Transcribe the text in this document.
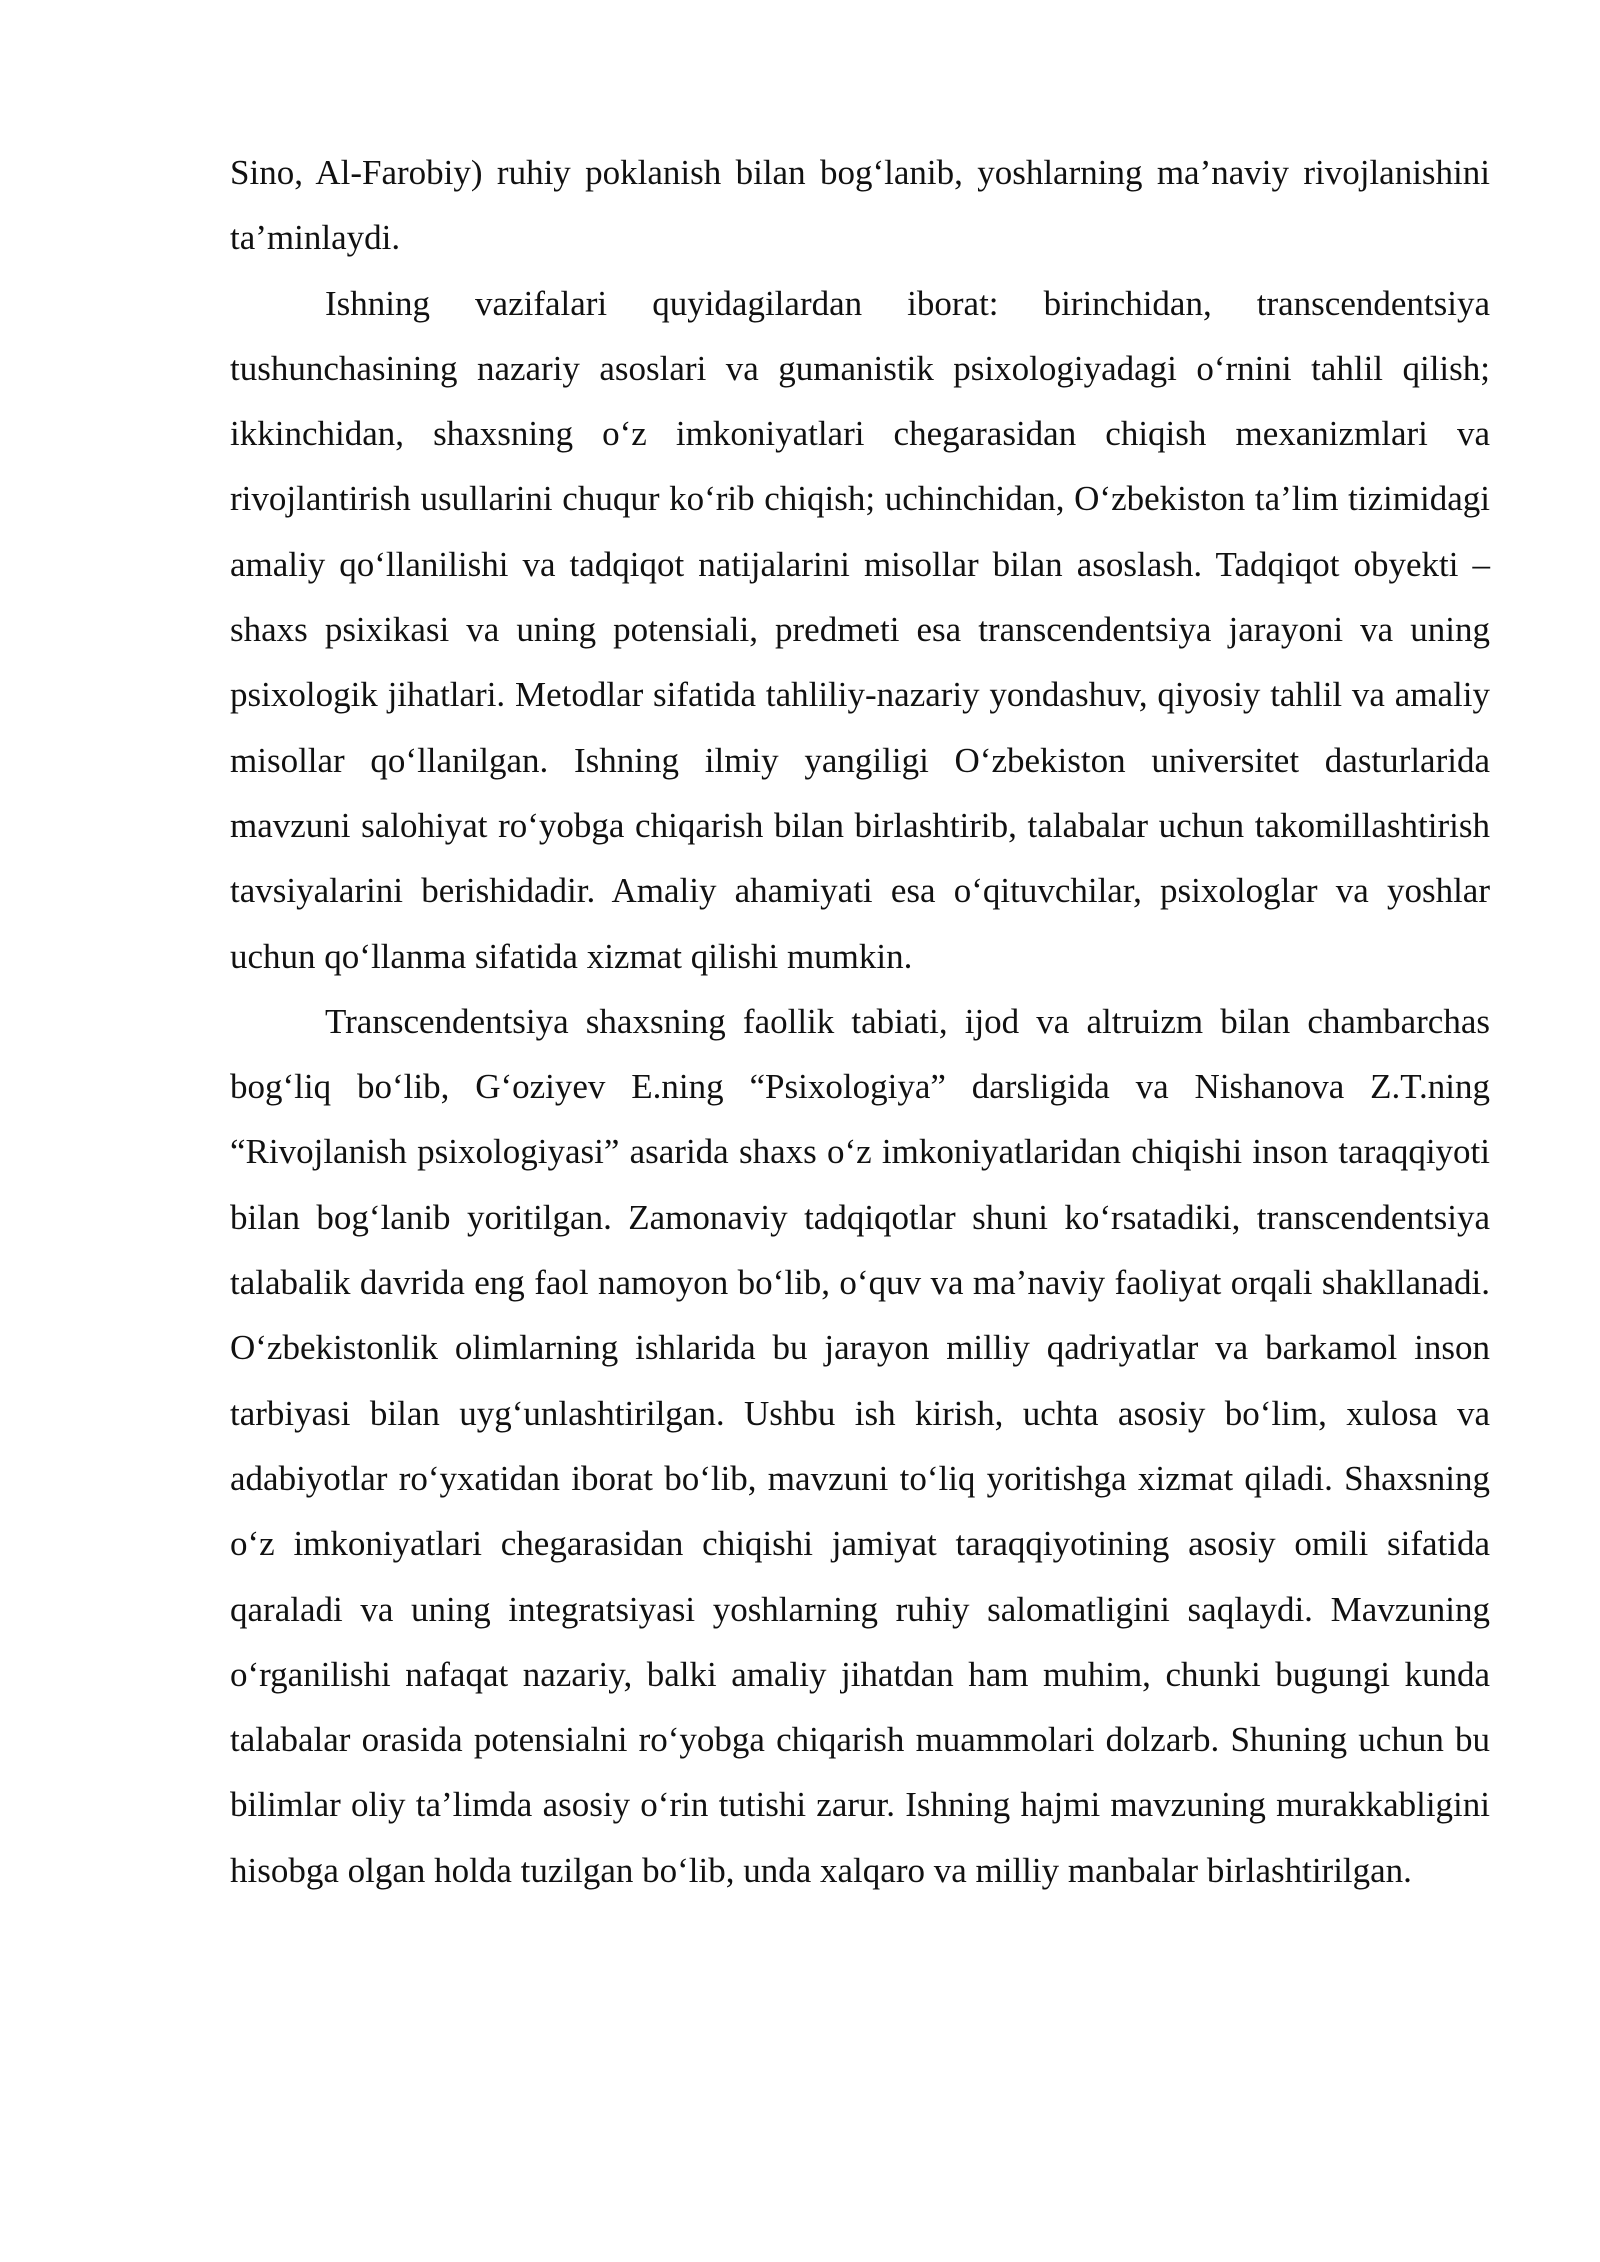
Sino, Al-Farobiy) ruhiy poklanish bilan bog‘lanib, yoshlarning ma’naviy rivojlanishini ta’minlaydi.

Ishning vazifalari quyidagilardan iborat: birinchidan, transcendentsiya tushunchasining nazariy asoslari va gumanistik psixologiyadagi o‘rnini tahlil qilish; ikkinchidan, shaxsning o‘z imkoniyatlari chegarasidan chiqish mexanizmlari va rivojlantirish usullarini chuqur ko‘rib chiqish; uchinchidan, O‘zbekiston ta’lim tizimidagi amaliy qo‘llanilishi va tadqiqot natijalarini misollar bilan asoslash. Tadqiqot obyekti – shaxs psixikasi va uning potensiali, predmeti esa transcendentsiya jarayoni va uning psixologik jihatlari. Metodlar sifatida tahliliy-nazariy yondashuv, qiyosiy tahlil va amaliy misollar qo‘llanilgan. Ishning ilmiy yangiligi O‘zbekiston universitet dasturlarida mavzuni salohiyat ro‘yobga chiqarish bilan birlashtirib, talabalar uchun takomillashtirish tavsiyalarini berishidadir. Amaliy ahamiyati esa o‘qituvchilar, psixologlar va yoshlar uchun qo‘llanma sifatida xizmat qilishi mumkin.

Transcendentsiya shaxsning faollik tabiati, ijod va altruizm bilan chambarchas bog‘liq bo‘lib, G‘oziyev E.ning “Psixologiya” darsligida va Nishanova Z.T.ning “Rivojlanish psixologiyasi” asarida shaxs o‘z imkoniyatlaridan chiqishi inson taraqqiyoti bilan bog‘lanib yoritilgan. Zamonaviy tadqiqotlar shuni ko‘rsatadiki, transcendentsiya talabalik davrida eng faol namoyon bo‘lib, o‘quv va ma’naviy faoliyat orqali shakllanadi. O‘zbekistonlik olimlarning ishlarida bu jarayon milliy qadriyatlar va barkamol inson tarbiyasi bilan uyg‘unlashtirilgan. Ushbu ish kirish, uchta asosiy bo‘lim, xulosa va adabiyotlar ro‘yxatidan iborat bo‘lib, mavzuni to‘liq yoritishga xizmat qiladi. Shaxsning o‘z imkoniyatlari chegarasidan chiqishi jamiyat taraqqiyotining asosiy omili sifatida qaraladi va uning integratsiyasi yoshlarning ruhiy salomatligini saqlaydi. Mavzuning o‘rganilishi nafaqat nazariy, balki amaliy jihatdan ham muhim, chunki bugungi kunda talabalar orasida potensialni ro‘yobga chiqarish muammolari dolzarb. Shuning uchun bu bilimlar oliy ta’limda asosiy o‘rin tutishi zarur. Ishning hajmi mavzuning murakkabligini hisobga olgan holda tuzilgan bo‘lib, unda xalqaro va milliy manbalar birlashtirilgan.
